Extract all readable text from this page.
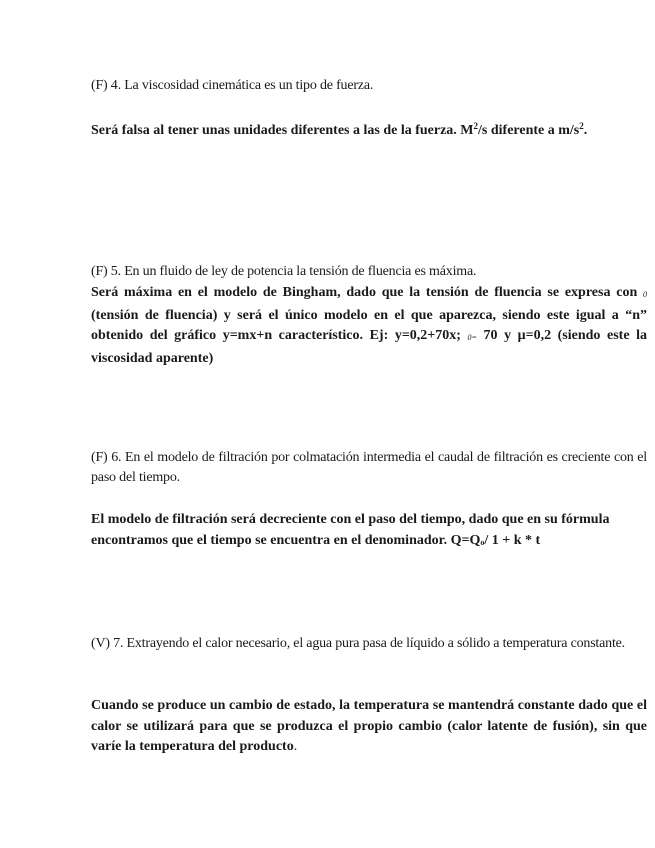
(F) 4. La viscosidad cinemática es un tipo de fuerza.

Será falsa al tener unas unidades diferentes a las de la fuerza. $M^2/s$ diferente a $m/s^2$.

(F) 5. En un fluido de ley de potencia la tensión de fluencia es máxima.

Será máxima en el modelo de Bingham, dado que la tensión de fluencia se expresa con 0 (tensión de fluencia) y será el único modelo en el que aparezca, siendo este igual a “n” obtenido del gráfico y=mx+n característico. Ej: y=0,2+70x; 0= 70 y μ=0,2 (siendo este la viscosidad aparente)

(F) 6. En el modelo de filtración por colmatación intermedia el caudal de filtración es creciente con el paso del tiempo.

El modelo de filtración será decreciente con el paso del tiempo, dado que en su fórmula encontramos que el tiempo se encuentra en el denominador. Q=Qo/ 1 + k * t

(V) 7. Extrayendo el calor necesario, el agua pura pasa de líquido a sólido a temperatura constante.

Cuando se produce un cambio de estado, la temperatura se mantendrá constante dado que el calor se utilizará para que se produzca el propio cambio (calor latente de fusión), sin que varíe la temperatura del producto.
